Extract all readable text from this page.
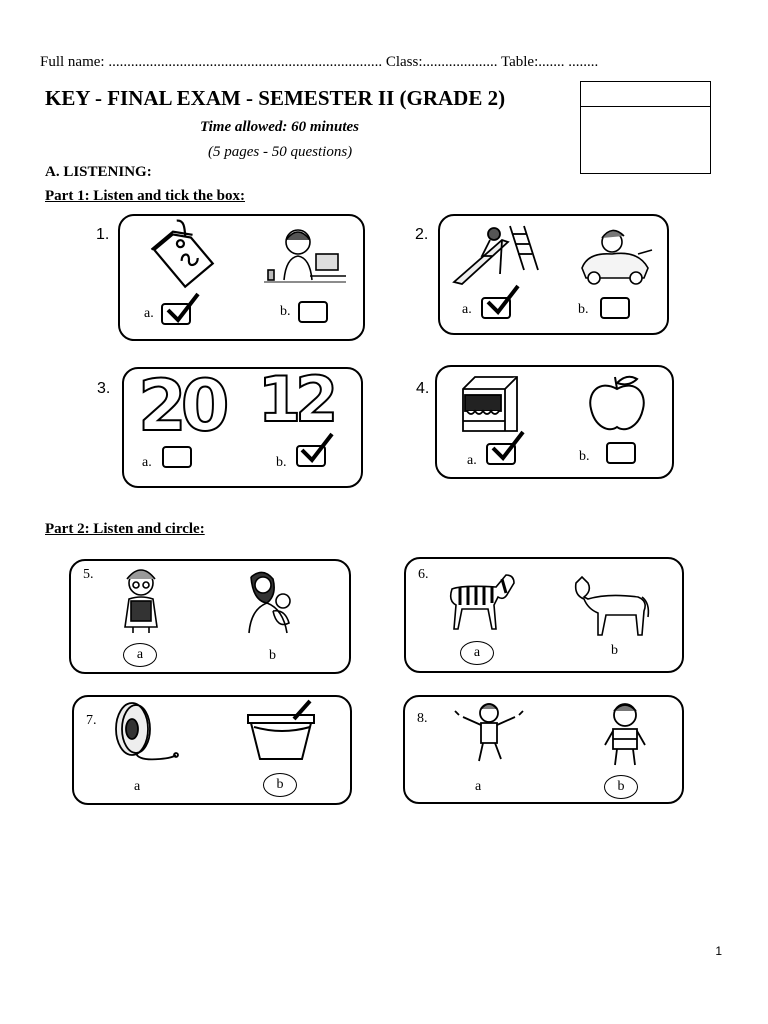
Full name: ......................................................................... Class:.................... Table:....... ........
KEY - FINAL EXAM - SEMESTER II (GRADE 2)
Time allowed: 60 minutes
(5 pages - 50 questions)
A. LISTENING:
Part 1: Listen and tick the box:
1.
a.	b.
2.
a.	b.
3. 20 12
a.	b.
4.
a.	b.
Part 2: Listen and circle:
5.
a	b
6.
a	b
7.
a	b
8.
a	b
1
